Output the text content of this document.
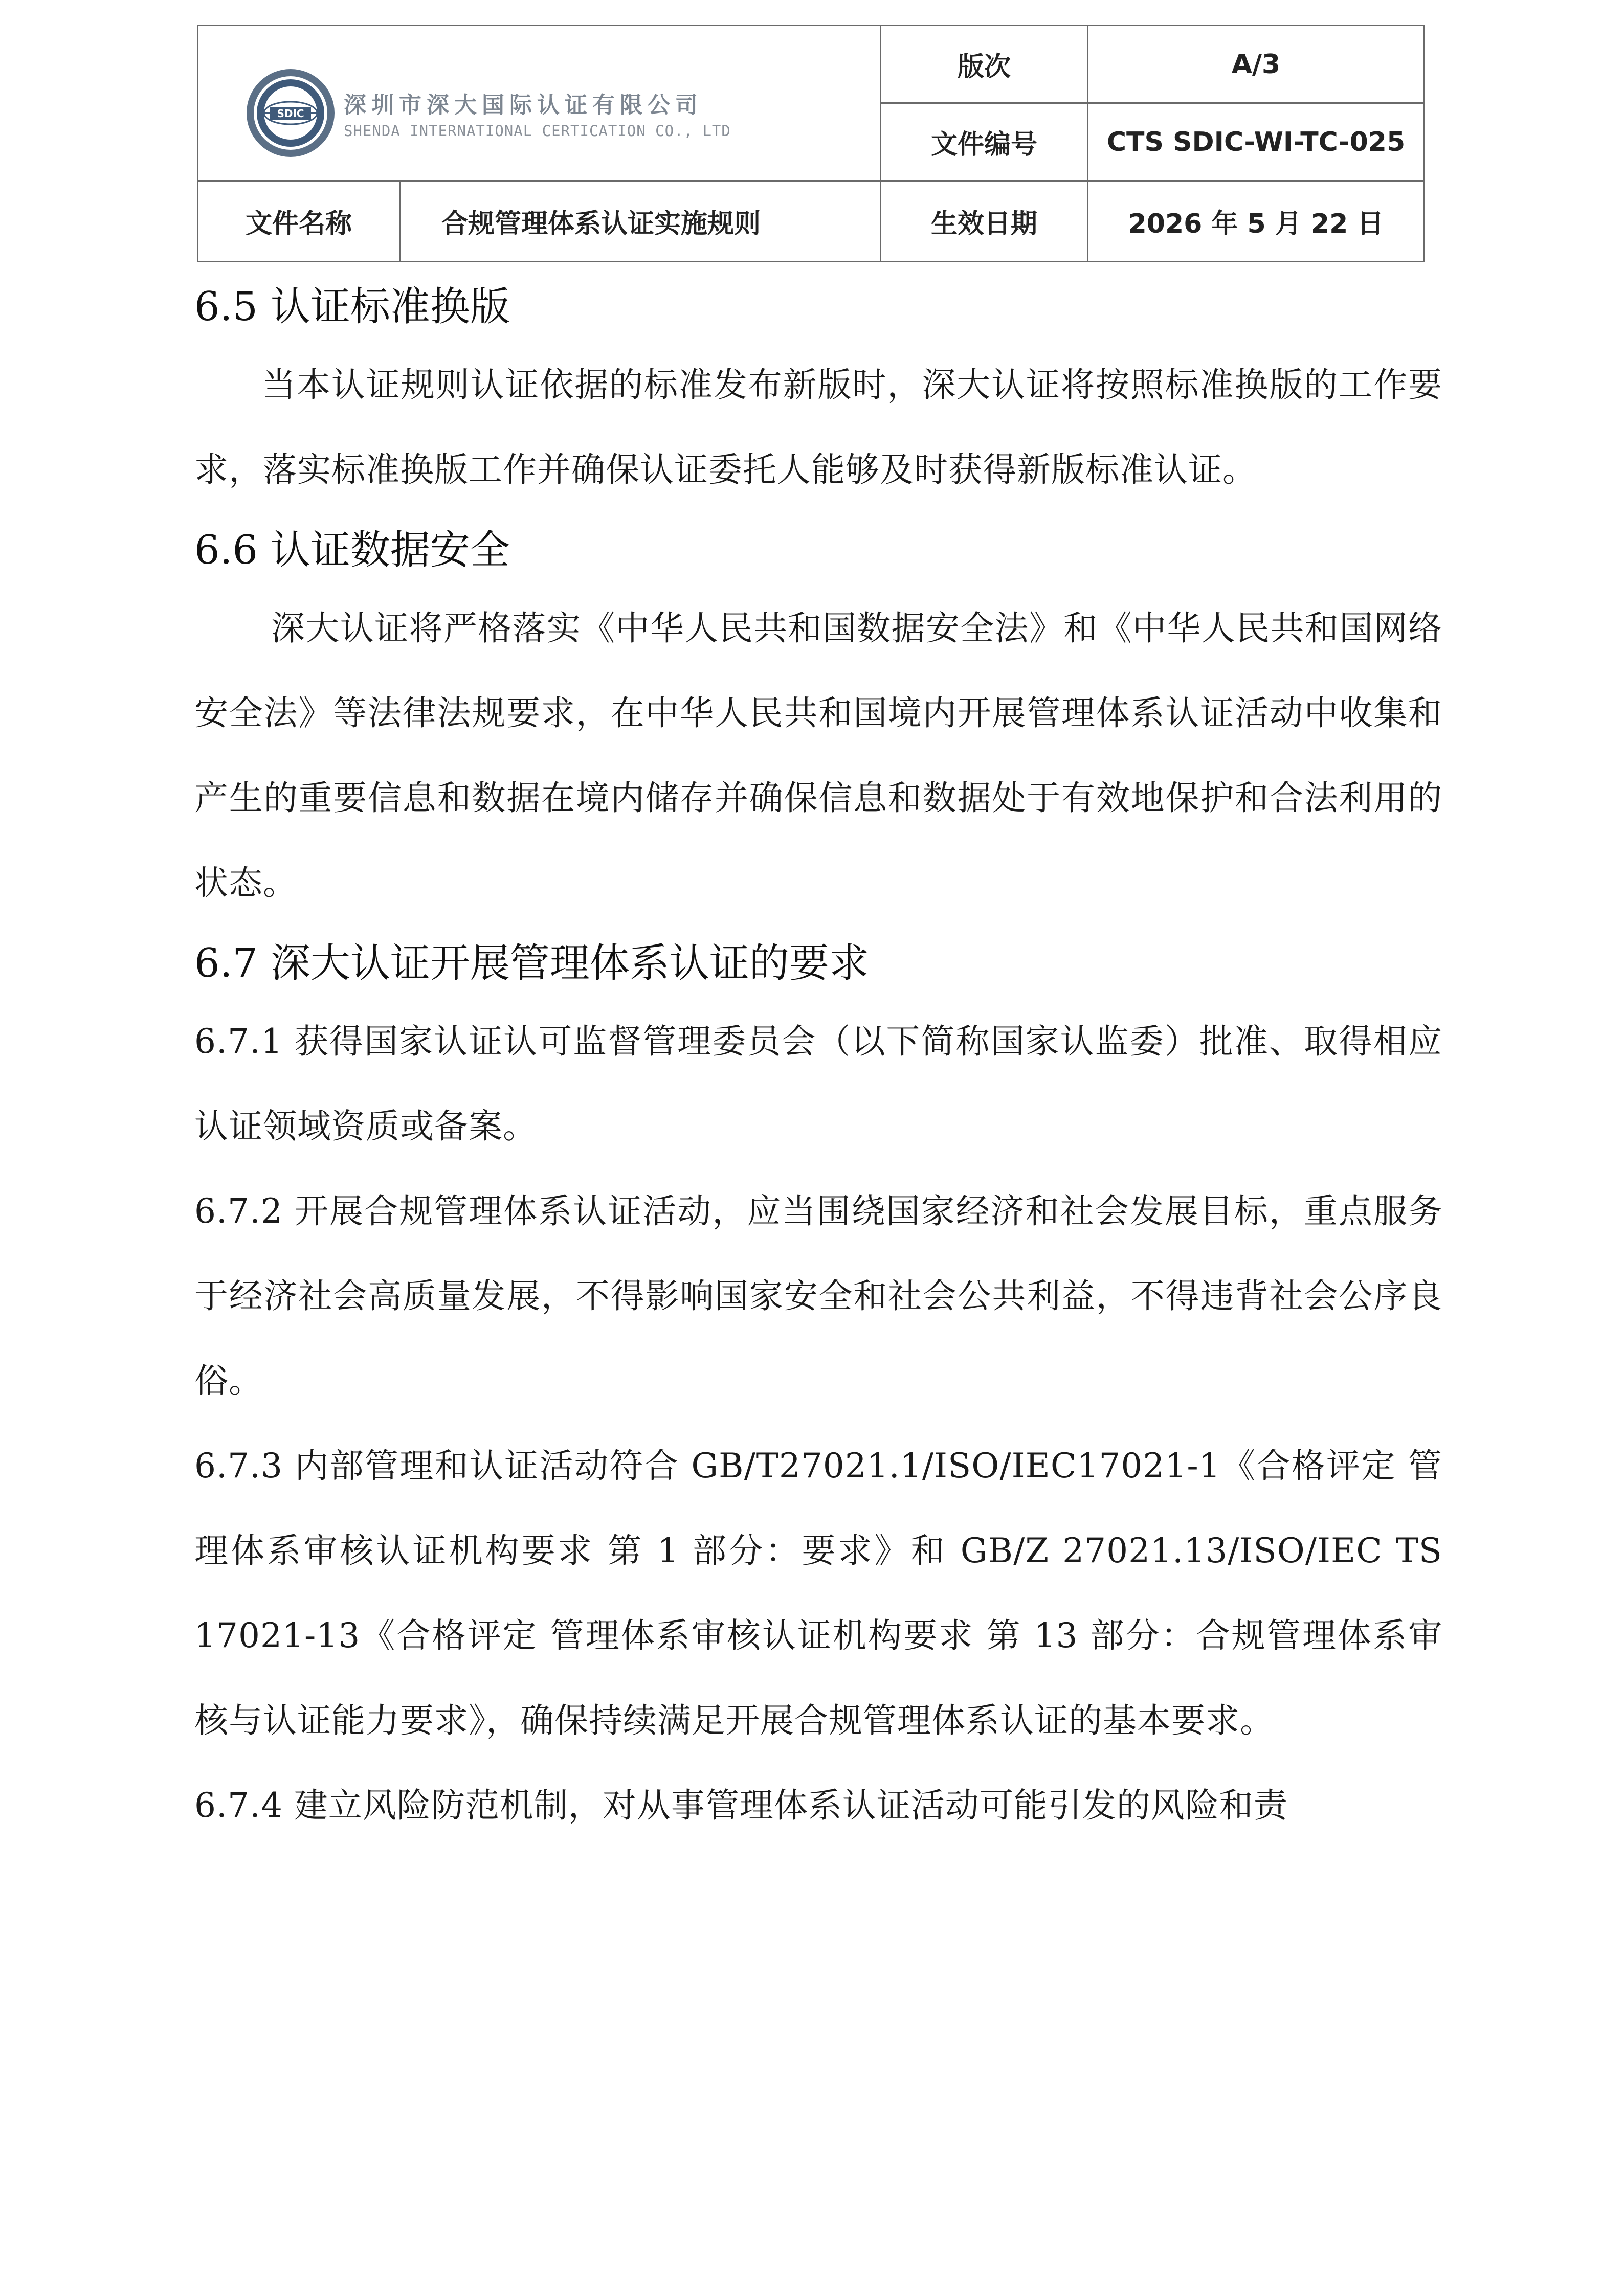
SDIC 深圳市深大国际认证有限公司
SHENDA INTERNATIONAL CERTICATION CO., LTD		版次	A/3
		文件编号	CTS SDIC-WI-TC-025
文件名称	合规管理体系认证实施规则	生效日期	2026 年 5 月 22 日
6.5 认证标准换版

当本认证规则认证依据的标准发布新版时，深大认证将按照标准换版的工作要求，落实标准换版工作并确保认证委托人能够及时获得新版标准认证。

6.6 认证数据安全

深大认证将严格落实《中华人民共和国数据安全法》和《中华人民共和国网络安全法》等法律法规要求，在中华人民共和国境内开展管理体系认证活动中收集和产生的重要信息和数据在境内储存并确保信息和数据处于有效地保护和合法利用的状态。

6.7 深大认证开展管理体系认证的要求

6.7.1 获得国家认证认可监督管理委员会（以下简称国家认监委）批准、取得相应认证领域资质或备案。

6.7.2 开展合规管理体系认证活动，应当围绕国家经济和社会发展目标，重点服务于经济社会高质量发展，不得影响国家安全和社会公共利益，不得违背社会公序良俗。

6.7.3 内部管理和认证活动符合 GB/T27021.1/ISO/IEC17021-1《合格评定 管理体系审核认证机构要求 第 1 部分：要求》和 GB/Z 27021.13/ISO/IEC TS 17021-13《合格评定 管理体系审核认证机构要求 第 13 部分：合规管理体系审核与认证能力要求》，确保持续满足开展合规管理体系认证的基本要求。

6.7.4 建立风险防范机制，对从事管理体系认证活动可能引发的风险和责
